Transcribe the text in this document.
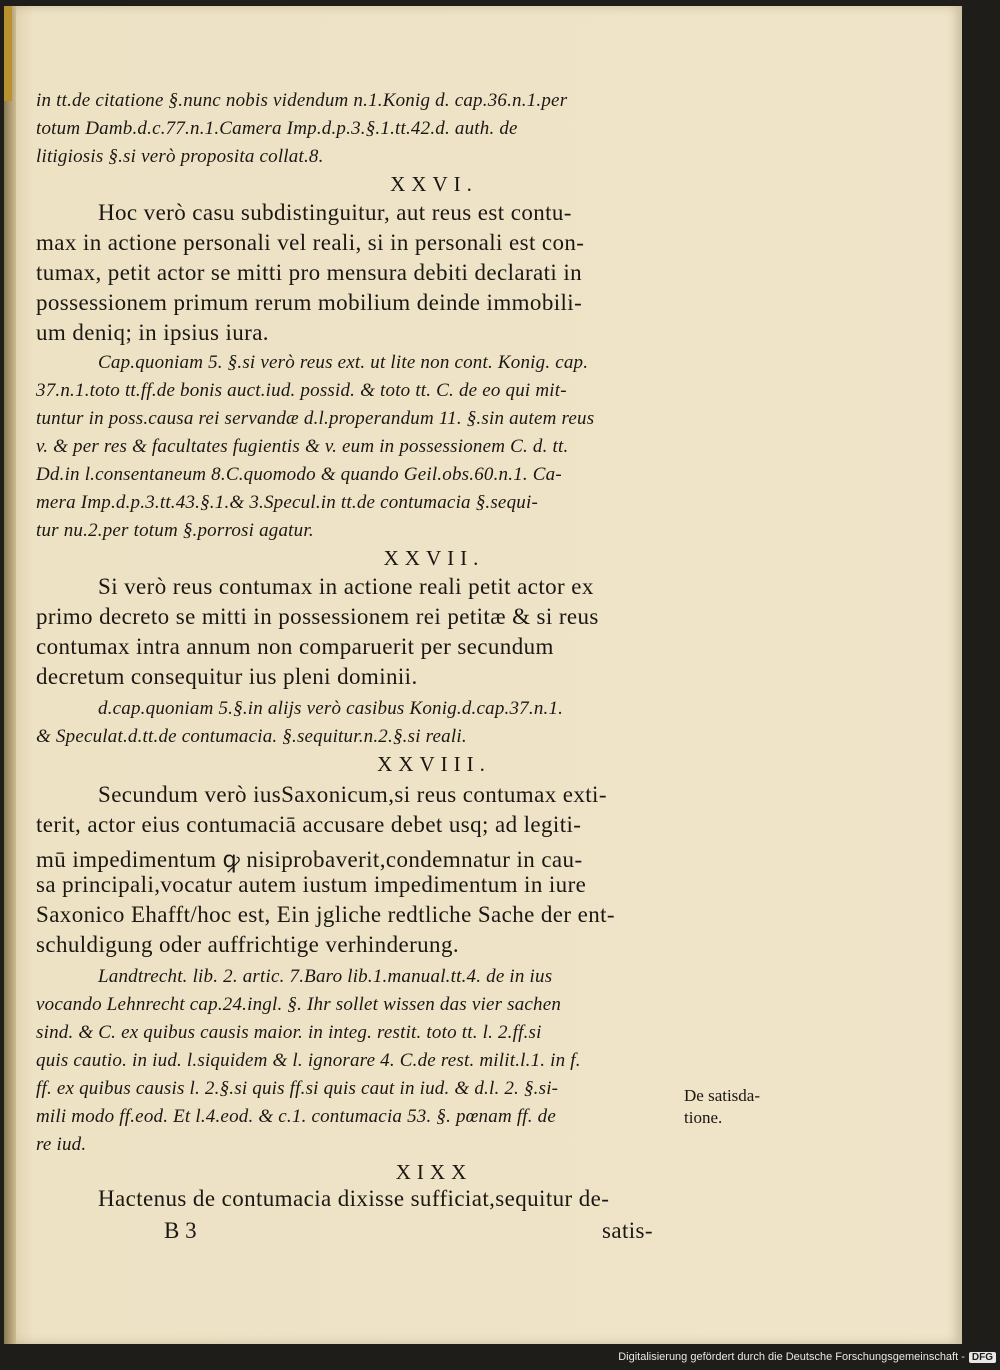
in tt.de citatione §.nunc nobis videndum n.1.Konig d. cap.36.n.1.per
totum Damb.d.c.77.n.1.Camera Imp.d.p.3.§.1.tt.42.d. auth. de
litigiosis §.si verò proposita collat.8.
XXVI.
Hoc verò casu subdistinguitur, aut reus est contu-
max in actione personali vel reali, si in personali est con-
tumax, petit actor se mitti pro mensura debiti declarati in
possessionem primum rerum mobilium deinde immobili-
um deniq; in ipsius iura.
Cap.quoniam 5. §.si verò reus ext. ut lite non cont. Konig. cap.
37.n.1.toto tt.ff.de bonis auct.iud. possid. & toto tt. C. de eo qui mit-
tuntur in poss.causa rei servandæ d.l.properandum 11. §.sin autem reus
v. & per res & facultates fugientis & v. eum in possessionem C. d. tt.
Dd.in l.consentaneum 8.C.quomodo & quando Geil.obs.60.n.1. Ca-
mera Imp.d.p.3.tt.43.§.1.& 3.Specul.in tt.de contumacia §.sequi-
tur nu.2.per totum §.porrosi agatur.
XXVII.
Si verò reus contumax in actione reali petit actor ex
primo decreto se mitti in possessionem rei petitæ & si reus
contumax intra annum non comparuerit per secundum
decretum consequitur ius pleni dominii.
d.cap.quoniam 5.§.in alijs verò casibus Konig.d.cap.37.n.1.
& Speculat.d.tt.de contumacia. §.sequitur.n.2.§.si reali.
XXVIII.
Secundum verò iusSaxonicum,si reus contumax exti-
terit, actor eius contumaciā accusare debet usq; ad legiti-
mū impedimentum ꝙ nisiprobaverit,condemnatur in cau-
sa principali,vocatur autem iustum impedimentum in iure
Saxonico Ehafft/hoc est, Ein jgliche redtliche Sache der ent-
schuldigung oder auffrichtige verhinderung.
Landtrecht. lib. 2. artic. 7.Baro lib.1.manual.tt.4. de in ius
vocando Lehnrecht cap.24.ingl. §. Ihr sollet wissen das vier sachen
sind. & C. ex quibus causis maior. in integ. restit. toto tt. l. 2.ff.si
quis cautio. in iud. l.siquidem & l. ignorare 4. C.de rest. milit.l.1. in f.
ff. ex quibus causis l. 2.§.si quis ff.si quis caut in iud. & d.l. 2. §.si-
mili modo ff.eod. Et l.4.eod. & c.1. contumacia 53. §. pœnam ff. de
re iud.
XIXX
Hactenus de contumacia dixisse sufficiat,sequitur de-
B 3	satis-
De satisda-
tione.
Digitalisierung gefördert durch die Deutsche Forschungsgemeinschaft - DFG
